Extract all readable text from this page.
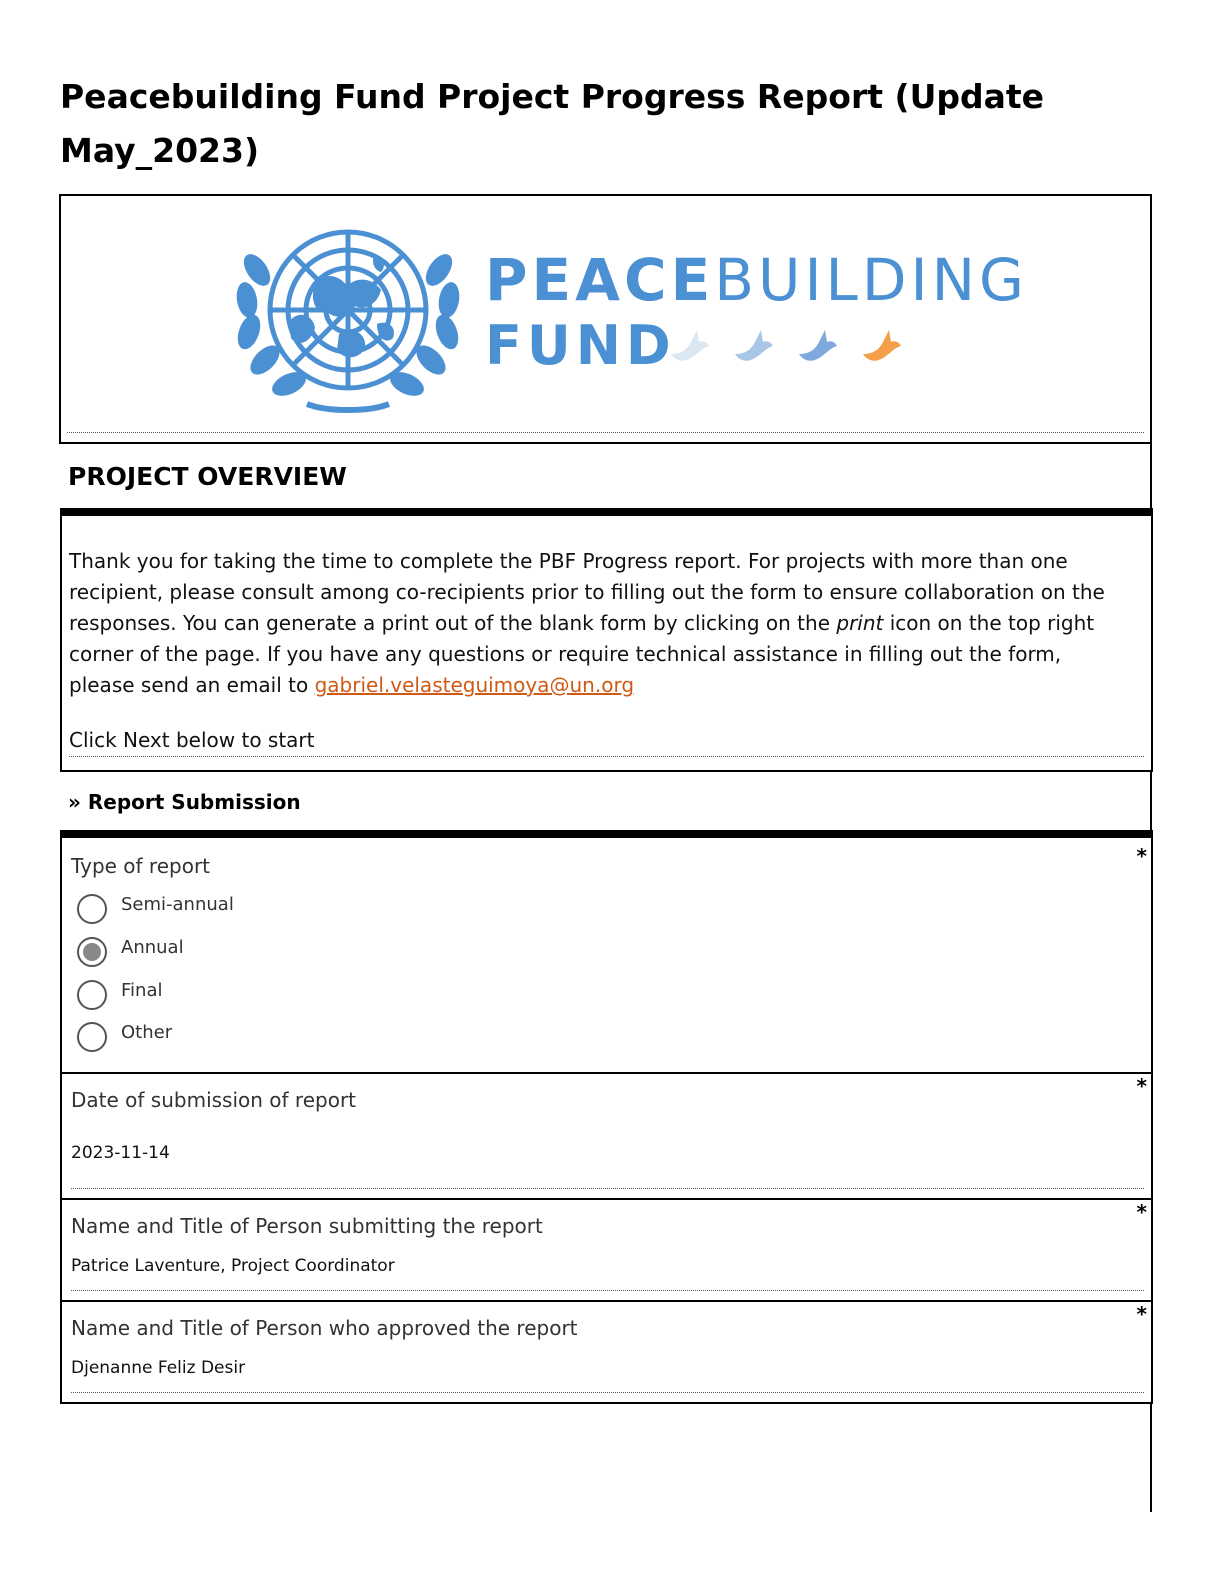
Peacebuilding Fund Project Progress Report (Update May_2023)
PEACEBUILDING
FUND
PROJECT OVERVIEW

Thank you for taking the time to complete the PBF Progress report. For projects with more than one recipient, please consult among co-recipients prior to filling out the form to ensure collaboration on the responses. You can generate a print out of the blank form by clicking on the print icon on the top right corner of the page. If you have any questions or require technical assistance in filling out the form, please send an email to gabriel.velasteguimoya@un.org

Click Next below to start
» Report Submission
Type of report	*
Semi-annual
Annual
Final
Other
Date of submission of report
*
2023-11-14
Name and Title of Person submitting the report
*
Patrice Laventure, Project Coordinator
Name and Title of Person who approved the report
*
Djenanne Feliz Desir
